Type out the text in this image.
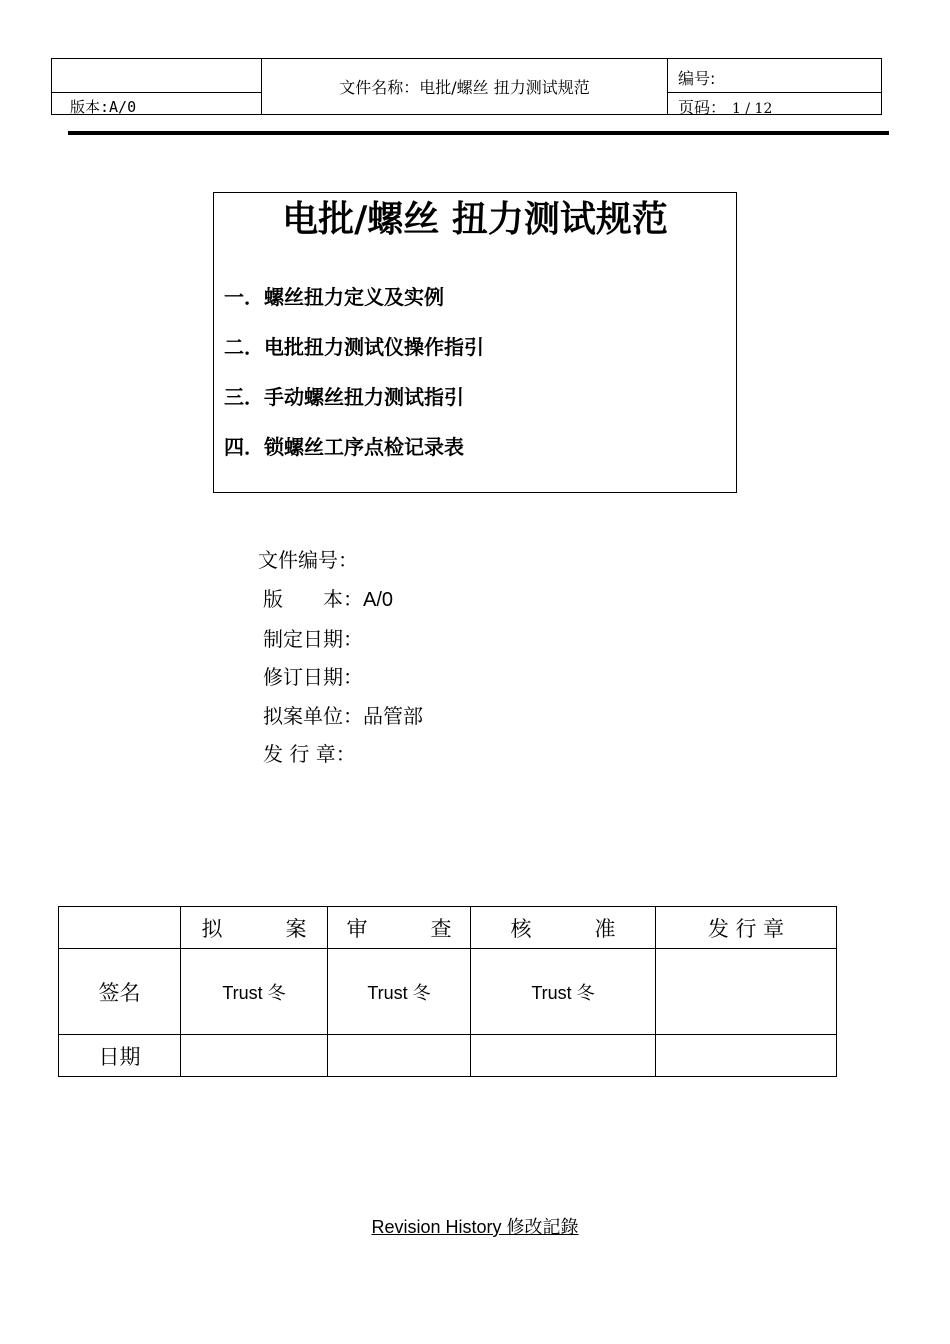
版本:A/0
文件名称：电批/螺丝 扭力测试规范	编号:
页码： 1 / 12
电批/螺丝 扭力测试规范
一．螺丝扭力定义及实例
二．电批扭力测试仪操作指引
三．手动螺丝扭力测试指引
四．锁螺丝工序点检记录表
文件编号：
版　　本：A/0
制定日期：
修订日期：
拟案单位：品管部
发 行 章：
	拟　　　案	审　　　查	核　　　准	发 行 章
签名	Trust 冬	Trust 冬	Trust 冬	
日期				
Revision History 修改記錄
